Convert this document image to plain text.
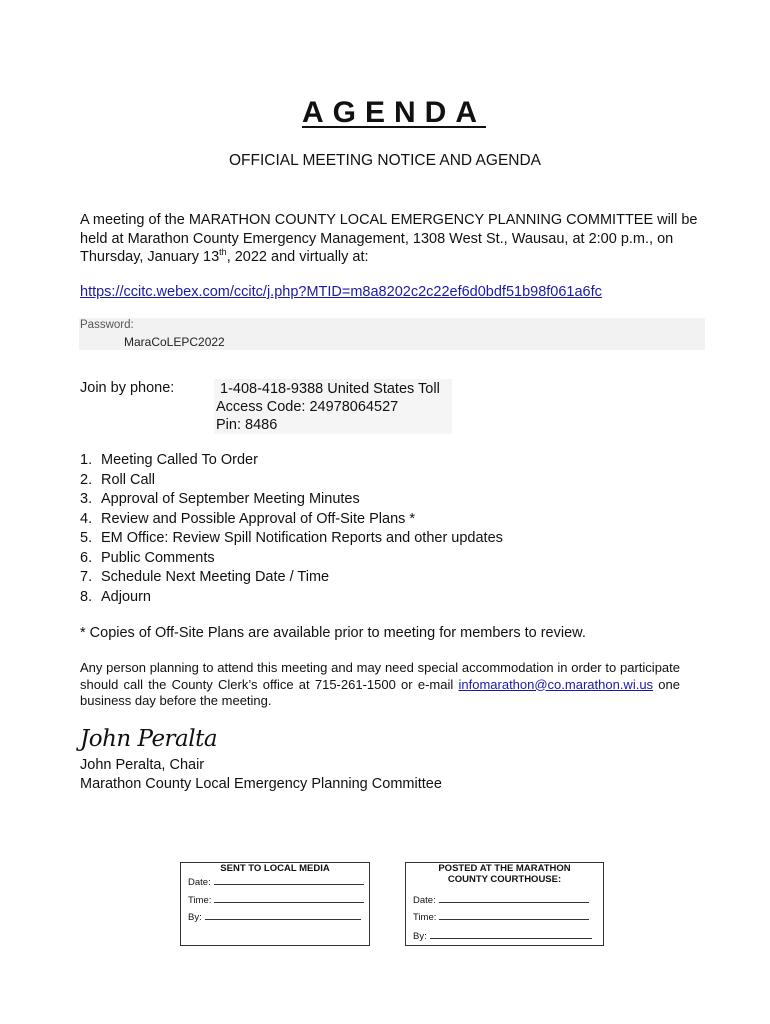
AGENDA
OFFICIAL MEETING NOTICE AND AGENDA
A meeting of the MARATHON COUNTY LOCAL EMERGENCY PLANNING COMMITTEE will be held at Marathon County Emergency Management, 1308 West St., Wausau, at 2:00 p.m., on Thursday, January 13th, 2022 and virtually at:
https://ccitc.webex.com/ccitc/j.php?MTID=m8a8202c2c22ef6d0bdf51b98f061a6fc
Password:
MaraCoLEPC2022
Join by phone:	1-408-418-9388 United States Toll
Access Code: 24978064527
Pin: 8486
1. Meeting Called To Order
2. Roll Call
3. Approval of September Meeting Minutes
4. Review and Possible Approval of Off-Site Plans *
5. EM Office: Review Spill Notification Reports and other updates
6. Public Comments
7. Schedule Next Meeting Date / Time
8. Adjourn
* Copies of Off-Site Plans are available prior to meeting for members to review.
Any person planning to attend this meeting and may need special accommodation in order to participate should call the County Clerk’s office at 715-261-1500 or e-mail infomarathon@co.marathon.wi.us one business day before the meeting.
John Peralta
John Peralta, Chair
Marathon County Local Emergency Planning Committee
SENT TO LOCAL MEDIA
Date:
Time:
By:
POSTED AT THE MARATHON
COUNTY COURTHOUSE:
Date:
Time:
By:
